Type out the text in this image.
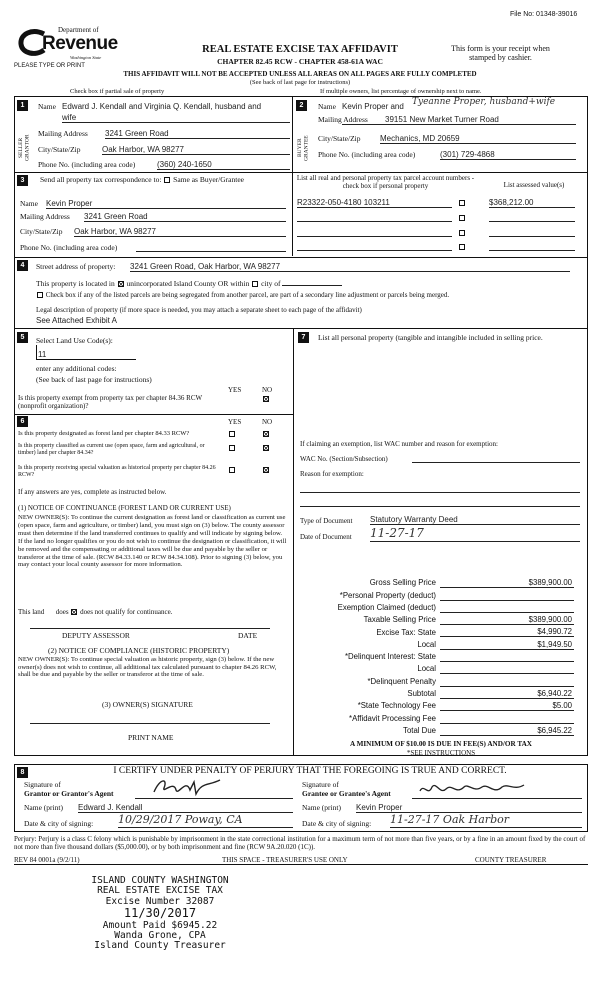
File No: 01348-39016
Department of
Revenue
Washington State
PLEASE TYPE OR PRINT
REAL ESTATE EXCISE TAX AFFIDAVIT
CHAPTER 82.45 RCW - CHAPTER 458-61A WAC
This form is your receipt when stamped by cashier.
THIS AFFIDAVIT WILL NOT BE ACCEPTED UNLESS ALL AREAS ON ALL PAGES ARE FULLY COMPLETED
(See back of last page for instructions)
Check box if partial sale of property	If multiple owners, list percentage of ownership next to name.
1
SELLER GRANTOR
Name Edward J. Kendall and Virginia Q. Kendall, husband and
wife
Mailing Address 3241 Green Road
City/State/Zip	Oak Harbor, WA 98277
Phone No. (including area code)	(360) 240-1650
2
BUYER GRANTEE
Name Kevin Proper and Tyeanne Proper, husband+wife
Mailing Address 39151 New Market Turner Road
City/State/Zip Mechanics, MD 20659
Phone No. (including area code)	(301) 729-4868
3	Send all property tax correspondence to: Same as Buyer/Grantee
Name Kevin Proper
Mailing Address 3241 Green Road
City/State/Zip Oak Harbor, WA 98277
Phone No. (including area code)
List all real and personal property tax parcel account numbers - check box if personal property	List assessed value(s)
R23322-050-4180 103211	$368,212.00
4	Street address of property: 3241 Green Road, Oak Harbor, WA 98277
This property is located in unincorporated Island County OR within city of
Check box if any of the listed parcels are being segregated from another parcel, are part of a secondary line adjustment or parcels being merged.
Legal description of property (if more space is needed, you may attach a separate sheet to each page of the affidavit)
See Attached Exhibit A
5	Select Land Use Code(s):
11
enter any additional codes:
(See back of last page for instructions)
YES	NO
Is this property exempt from property tax per chapter 84.36 RCW (nonprofit organization)?
6	YES	NO
Is this property designated as forest land per chapter 84.33 RCW?
Is this property classified as current use (open space, farm and agricultural, or timber) land per chapter 84.34?
Is this property receiving special valuation as historical property per chapter 84.26 RCW?
If any answers are yes, complete as instructed below.
(1) NOTICE OF CONTINUANCE (FOREST LAND OR CURRENT USE)
NEW OWNER(S): To continue the current designation as forest land or classification as current use (open space, farm and agriculture, or timber) land, you must sign on (3) below. The county assessor must then determine if the land transferred continues to qualify and will indicate by signing below. If the land no longer qualifies or you do not wish to continue the designation or classification, it will be removed and the compensating or additional taxes will be due and payable by the seller or transferor at the time of sale. (RCW 84.33.140 or RCW 84.34.108). Prior to signing (3) below, you may contact your local county assessor for more information.
This land does does not qualify for continuance.
DEPUTY ASSESSOR	DATE
(2) NOTICE OF COMPLIANCE (HISTORIC PROPERTY)
NEW OWNER(S): To continue special valuation as historic property, sign (3) below. If the new owner(s) does not wish to continue, all additional tax calculated pursuant to chapter 84.26 RCW, shall be due and payable by the seller or transferor at the time of sale.
(3) OWNER(S) SIGNATURE
PRINT NAME
7	List all personal property (tangible and intangible included in selling price.
If claiming an exemption, list WAC number and reason for exemption:
WAC No. (Section/Subsection)
Reason for exemption:
Type of Document Statutory Warranty Deed
Date of Document 11-27-17
Gross Selling Price	$389,900.00
*Personal Property (deduct)
Exemption Claimed (deduct)
Taxable Selling Price	$389,900.00
Excise Tax: State	$4,990.72
Local	$1,949.50
*Delinquent Interest: State
Local
*Delinquent Penalty
Subtotal	$6,940.22
*State Technology Fee	$5.00
*Affidavit Processing Fee
Total Due	$6,945.22
A MINIMUM OF $10.00 IS DUE IN FEE(S) AND/OR TAX
*SEE INSTRUCTIONS
8	I CERTIFY UNDER PENALTY OF PERJURY THAT THE FOREGOING IS TRUE AND CORRECT.
Signature of
Grantor or Grantor's Agent
Name (print) Edward J. Kendall
Date & city of signing: 10/29/2017 Poway, CA
Signature of
Grantee or Grantee's Agent
Name (print) Kevin Proper
Date & city of signing: 11-27-17 Oak Harbor
Perjury: Perjury is a class C felony which is punishable by imprisonment in the state correctional institution for a maximum term of not more than five years, or by a fine in an amount fixed by the court of not more than five thousand dollars ($5,000.00), or by both imprisonment and fine (RCW 9A.20.020 (1C)).
REV 84 0001a (9/2/11)	THIS SPACE - TREASURER'S USE ONLY	COUNTY TREASURER
ISLAND COUNTY WASHINGTON
REAL ESTATE EXCISE TAX
Excise Number 32087
11/30/2017
Amount Paid $6945.22
Wanda Grone, CPA
Island County Treasurer
